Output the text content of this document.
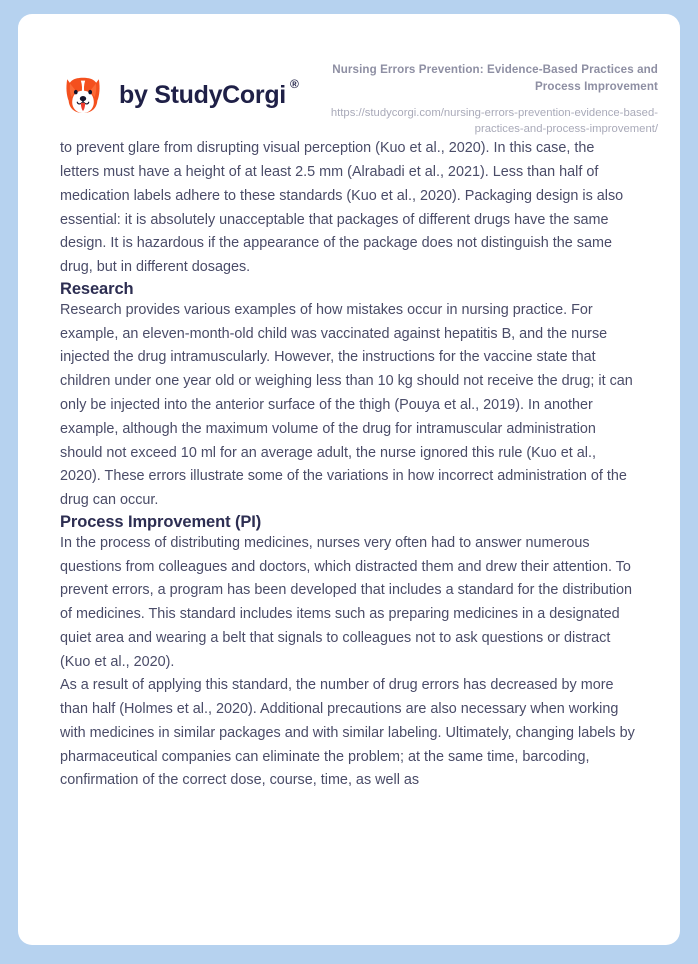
by StudyCorgi ®

Nursing Errors Prevention: Evidence-Based Practices and Process Improvement

https://studycorgi.com/nursing-errors-prevention-evidence-based-practices-and-process-improvement/

to prevent glare from disrupting visual perception (Kuo et al., 2020). In this case, the letters must have a height of at least 2.5 mm (Alrabadi et al., 2021). Less than half of medication labels adhere to these standards (Kuo et al., 2020). Packaging design is also essential: it is absolutely unacceptable that packages of different drugs have the same design. It is hazardous if the appearance of the package does not distinguish the same drug, but in different dosages.

Research

Research provides various examples of how mistakes occur in nursing practice. For example, an eleven-month-old child was vaccinated against hepatitis B, and the nurse injected the drug intramuscularly. However, the instructions for the vaccine state that children under one year old or weighing less than 10 kg should not receive the drug; it can only be injected into the anterior surface of the thigh (Pouya et al., 2019). In another example, although the maximum volume of the drug for intramuscular administration should not exceed 10 ml for an average adult, the nurse ignored this rule (Kuo et al., 2020). These errors illustrate some of the variations in how incorrect administration of the drug can occur.

Process Improvement (PI)

In the process of distributing medicines, nurses very often had to answer numerous questions from colleagues and doctors, which distracted them and drew their attention. To prevent errors, a program has been developed that includes a standard for the distribution of medicines. This standard includes items such as preparing medicines in a designated quiet area and wearing a belt that signals to colleagues not to ask questions or distract (Kuo et al., 2020).

As a result of applying this standard, the number of drug errors has decreased by more than half (Holmes et al., 2020). Additional precautions are also necessary when working with medicines in similar packages and with similar labeling. Ultimately, changing labels by pharmaceutical companies can eliminate the problem; at the same time, barcoding, confirmation of the correct dose, course, time, as well as
